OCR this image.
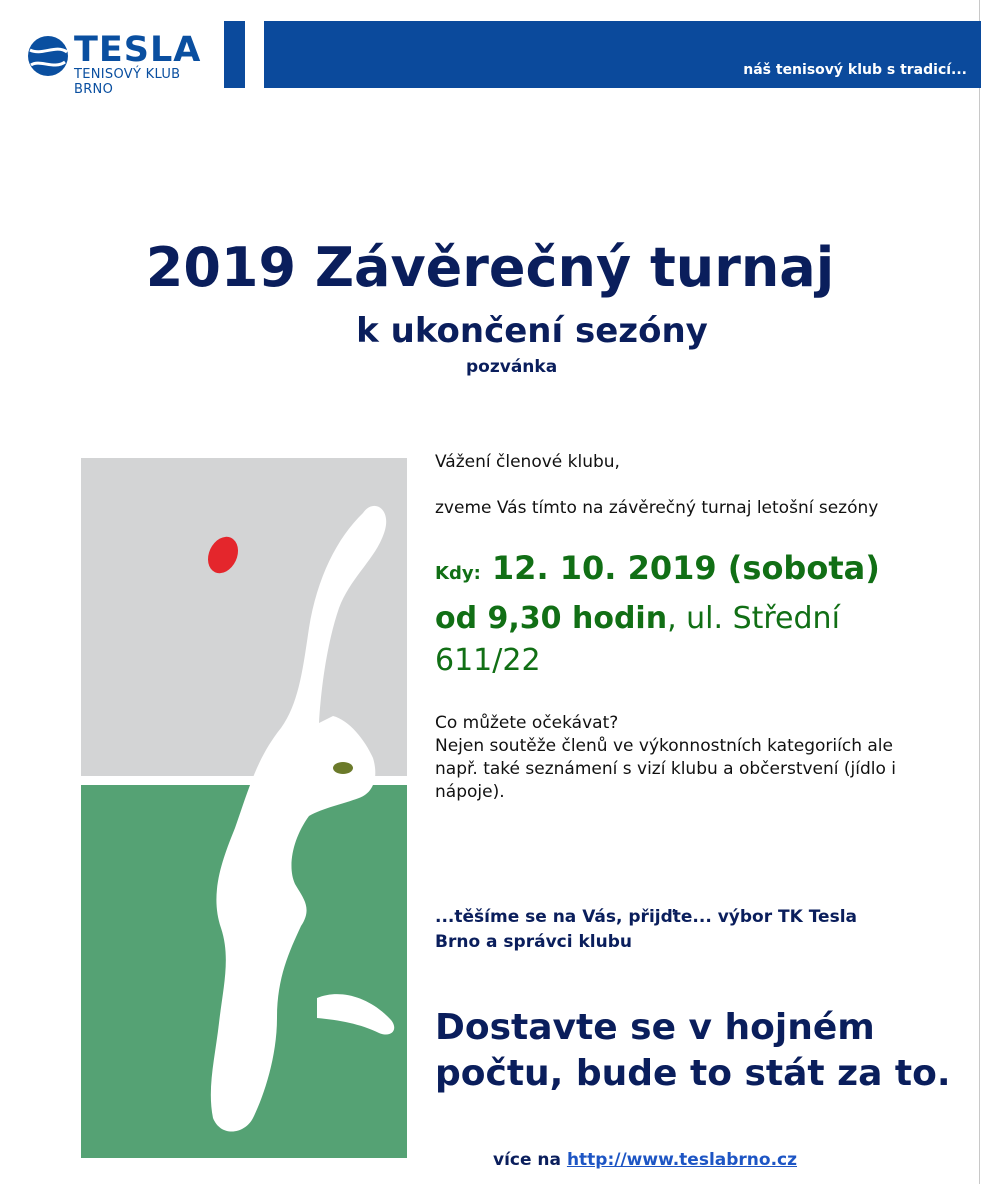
TESLA
TENISOVÝ KLUB BRNO
náš tenisový klub s tradicí...
2019 Závěrečný turnaj
k ukončení sezóny
pozvánka
Vážení členové klubu,
zveme Vás tímto na závěrečný turnaj letošní sezóny
Kdy: 12. 10. 2019 (sobota)
od 9,30 hodin, ul. Střední 611/22

Co můžete očekávat?

Nejen soutěže členů ve výkonnostních kategoriích ale např. také seznámení s vizí klubu a občerstvení (jídlo i nápoje).

...těšíme se na Vás, přijďte... výbor TK Tesla Brno a správci klubu
Dostavte se v hojném počtu, bude to stát za to.
více na http://www.teslabrno.cz
